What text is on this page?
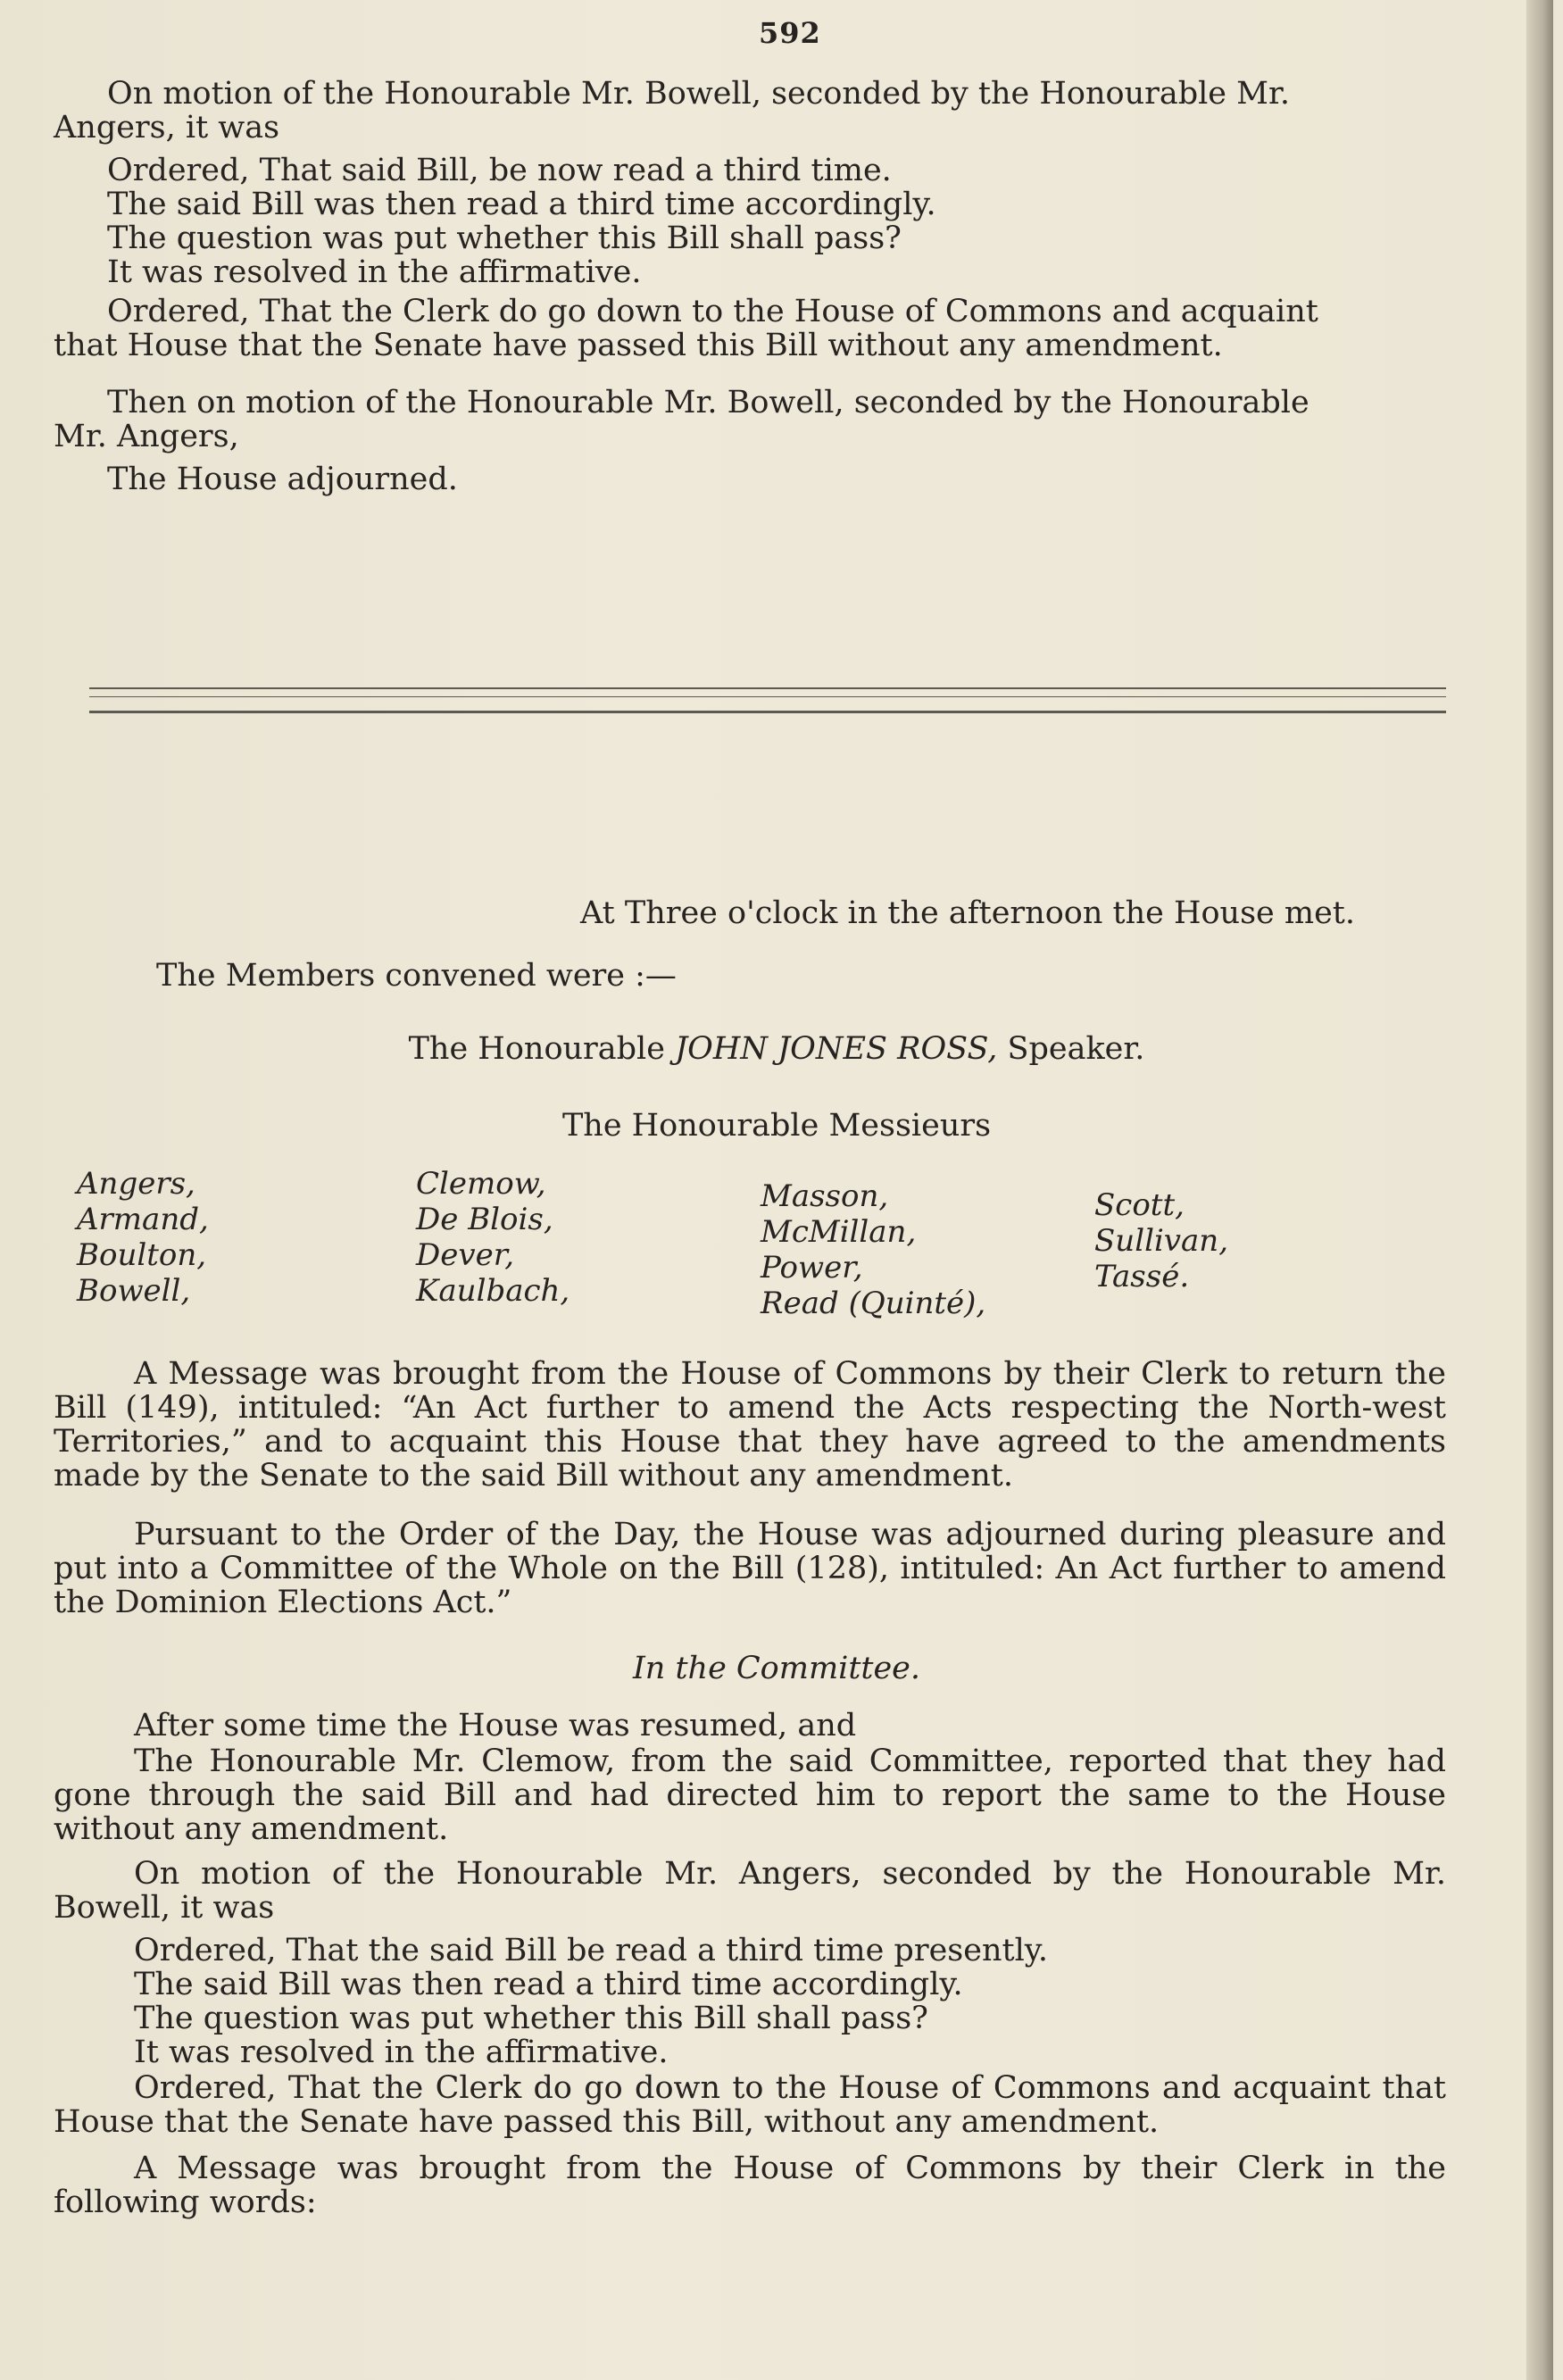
592
On motion of the Honourable Mr. Bowell, seconded by the Honourable Mr.
Angers, it was
Ordered, That said Bill, be now read a third time.
The said Bill was then read a third time accordingly.
The question was put whether this Bill shall pass?
It was resolved in the affirmative.
Ordered, That the Clerk do go down to the House of Commons and acquaint
that House that the Senate have passed this Bill without any amendment.
Then on motion of the Honourable Mr. Bowell, seconded by the Honourable
Mr. Angers,
The House adjourned.
At Three o'clock in the afternoon the House met.
The Members convened were :—
The Honourable JOHN JONES ROSS, Speaker.
The Honourable Messieurs
Angers,
Armand,
Boulton,
Bowell,
Clemow,
De Blois,
Dever,
Kaulbach,
Masson,
McMillan,
Power,
Read (Quinté),
Scott,
Sullivan,
Tassé.
A Message was brought from the House of Commons by their Clerk to return the Bill (149), intituled: “An Act further to amend the Acts respecting the North-west Territories,” and to acquaint this House that they have agreed to the amendments made by the Senate to the said Bill without any amendment.
Pursuant to the Order of the Day, the House was adjourned during pleasure and put into a Committee of the Whole on the Bill (128), intituled: An Act further to amend the Dominion Elections Act.”
In the Committee.
After some time the House was resumed, and
The Honourable Mr. Clemow, from the said Committee, reported that they had gone through the said Bill and had directed him to report the same to the House without any amendment.
On motion of the Honourable Mr. Angers, seconded by the Honourable Mr. Bowell, it was
Ordered, That the said Bill be read a third time presently.
The said Bill was then read a third time accordingly.
The question was put whether this Bill shall pass?
It was resolved in the affirmative.
Ordered, That the Clerk do go down to the House of Commons and acquaint that House that the Senate have passed this Bill, without any amendment.
A Message was brought from the House of Commons by their Clerk in the following words:
